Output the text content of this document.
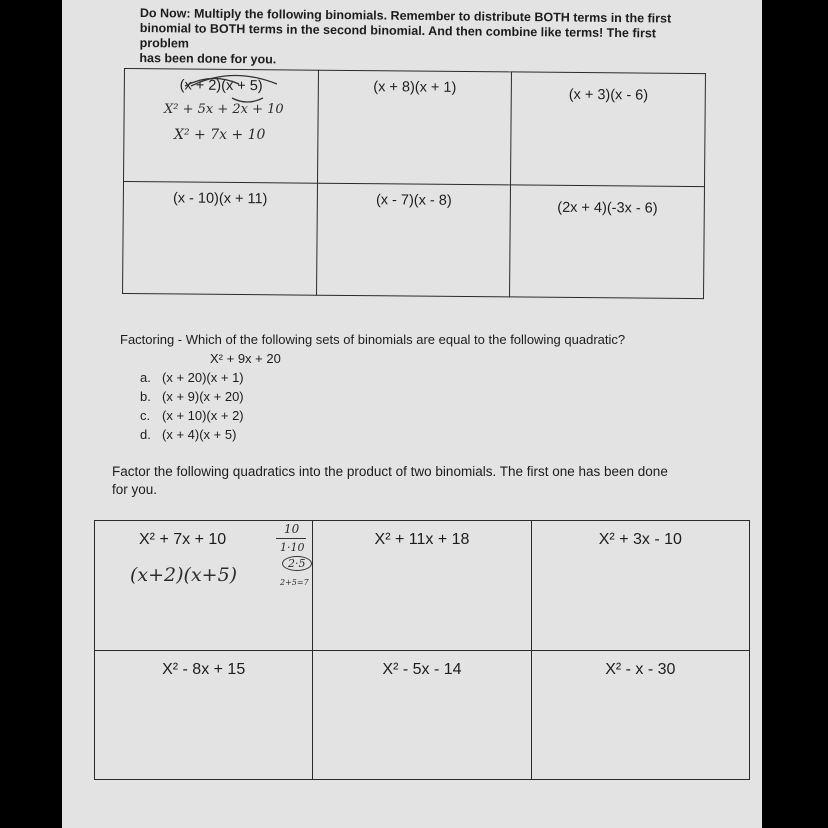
Do Now: Multiply the following binomials. Remember to distribute BOTH terms in the first
binomial to BOTH terms in the second binomial. And then combine like terms! The first problem
has been done for you.
(x + 2)(x + 5)	(x + 8)(x + 1)	(x + 3)(x - 6)

(x - 10)(x + 11)	(x - 7)(x - 8)	(2x + 4)(-3x - 6)
X² + 5x + 2x + 10
X² + 7x + 10
Factoring - Which of the following sets of binomials are equal to the following quadratic?
X² + 9x + 20
a. (x + 20)(x + 1)
b. (x + 9)(x + 20)
c. (x + 10)(x + 2)
d. (x + 4)(x + 5)
Factor the following quadratics into the product of two binomials. The first one has been done
for you.
X² + 7x + 10	X² + 11x + 18	X² + 3x - 10

X² - 8x + 15	X² - 5x - 14	X² - x - 30
(x+2)(x+5)
10
1·10
2·5
2+5=7
